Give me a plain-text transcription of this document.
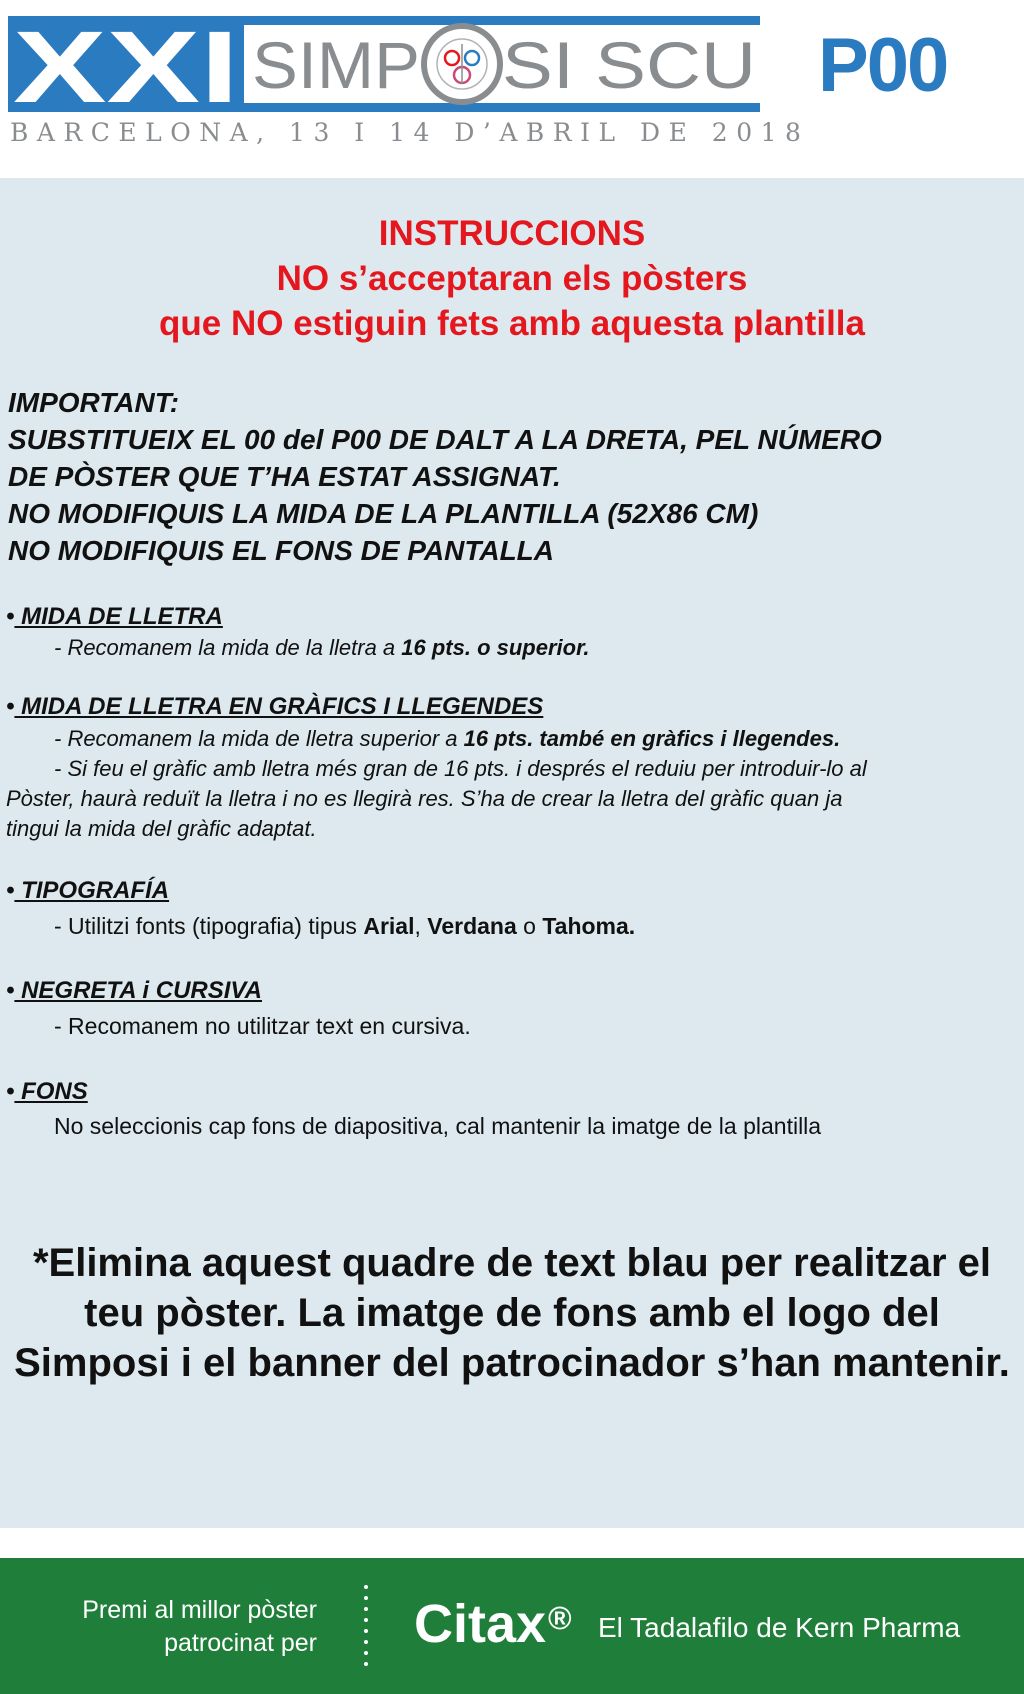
XXI SIMP SI SCU
BARCELONA, 13 I 14 D’ABRIL DE 2018
P00
INSTRUCCIONS
NO s’acceptaran els pòsters
que NO estiguin fets amb aquesta plantilla
IMPORTANT:
SUBSTITUEIX EL 00 del P00 DE DALT A LA DRETA, PEL NÚMERO
DE PÒSTER QUE T’HA ESTAT ASSIGNAT.
NO MODIFIQUIS LA MIDA DE LA PLANTILLA (52X86 CM)
NO MODIFIQUIS EL FONS DE PANTALLA
• MIDA DE LLETRA
- Recomanem la mida de la lletra a 16 pts. o superior.
• MIDA DE LLETRA EN GRÀFICS I LLEGENDES
- Recomanem la mida de lletra superior a 16 pts. també en gràfics i llegendes.
- Si feu el gràfic amb lletra més gran de 16 pts. i després el reduiu per introduir-lo al
Pòster, haurà reduït la lletra i no es llegirà res. S’ha de crear la lletra del gràfic quan ja
tingui la mida del gràfic adaptat.
• TIPOGRAFÍA
- Utilitzi fonts (tipografia) tipus Arial, Verdana o Tahoma.
• NEGRETA i CURSIVA
- Recomanem no utilitzar text en cursiva.
• FONS
No seleccionis cap fons de diapositiva, cal mantenir la imatge de la plantilla
*Elimina aquest quadre de text blau per realitzar el teu pòster. La imatge de fons amb el logo del Simposi i el banner del patrocinador s’han mantenir.
Premi al millor pòster
patrocinat per Citax® El Tadalafilo de Kern Pharma
